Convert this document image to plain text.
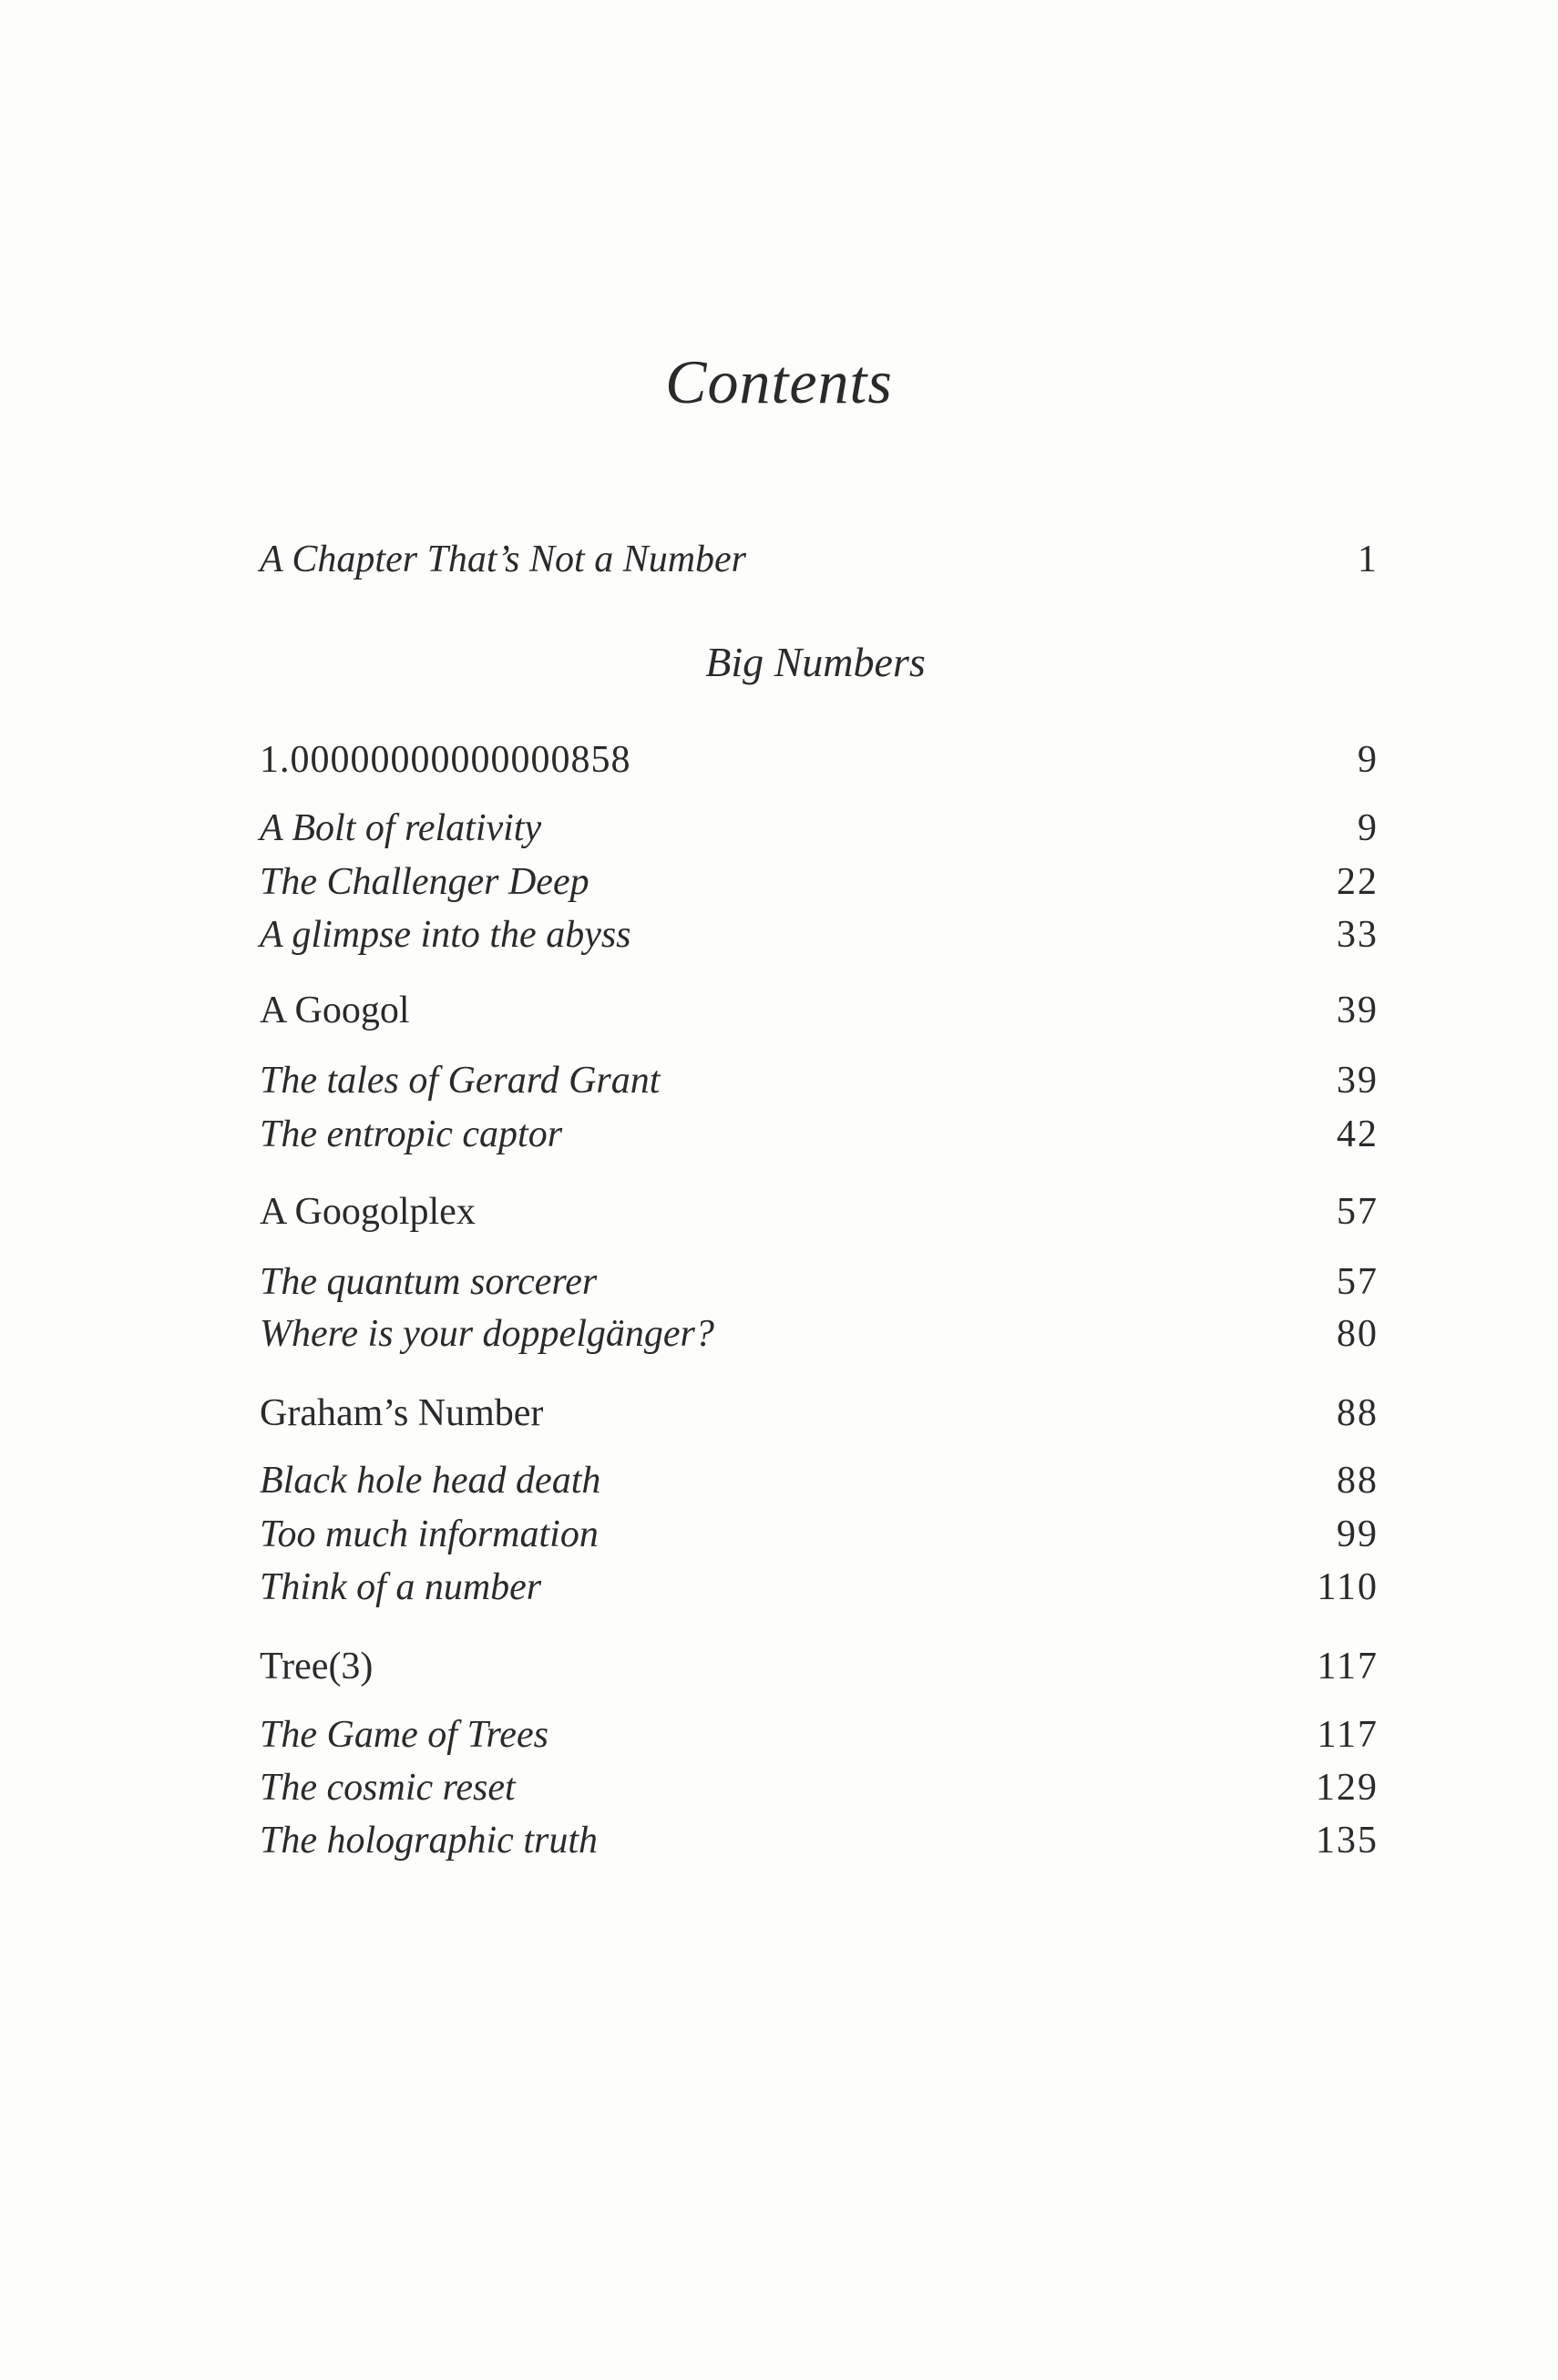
Contents
A Chapter That’s Not a Number	1
Big Numbers
1.00000000000000858	9
A Bolt of relativity	9
The Challenger Deep	22
A glimpse into the abyss	33
A Googol	39
The tales of Gerard Grant	39
The entropic captor	42
A Googolplex	57
The quantum sorcerer	57
Where is your doppelgänger?	80
Graham’s Number	88
Black hole head death	88
Too much information	99
Think of a number	110
Tree(3)	117
The Game of Trees	117
The cosmic reset	129
The holographic truth	135
